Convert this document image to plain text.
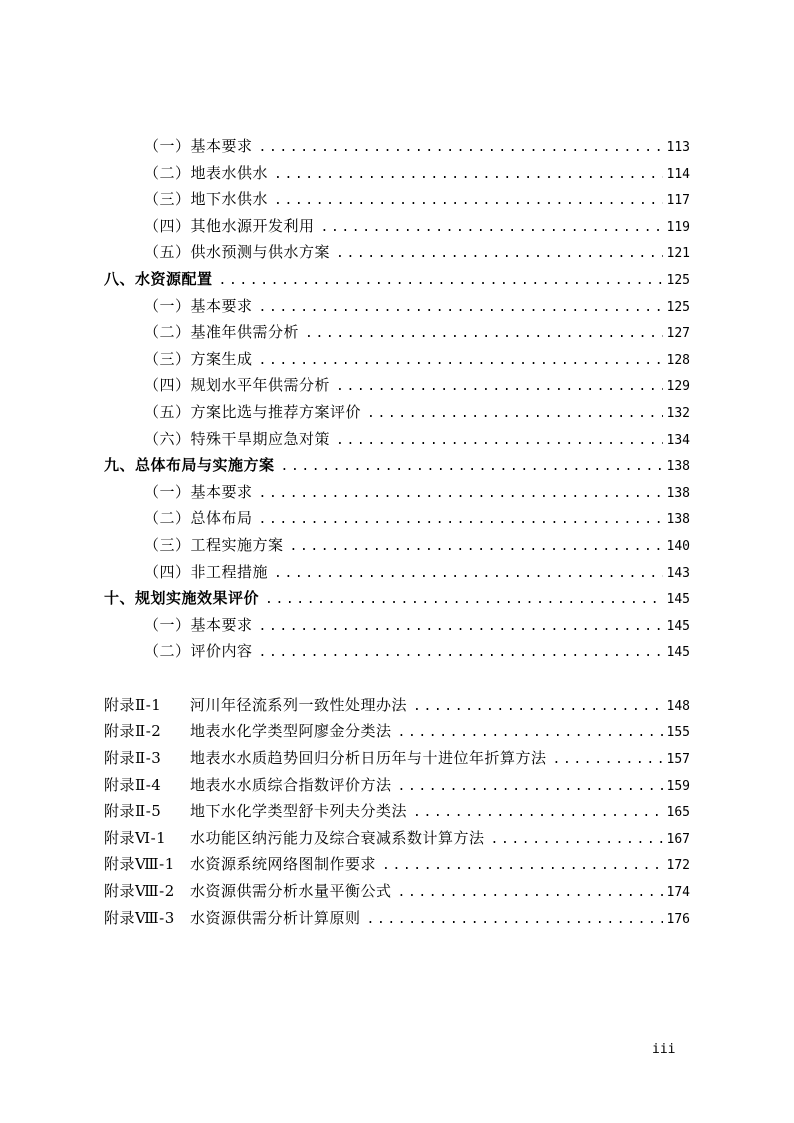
（一）基本要求 .....	113
（二）地表水供水 .....	114
（三）地下水供水 .....	117
（四）其他水源开发利用 .....	119
（五）供水预测与供水方案 .....	121
八、水资源配置 .....	125
（一）基本要求 .....	125
（二）基准年供需分析 .....	127
（三）方案生成 .....	128
（四）规划水平年供需分析 .....	129
（五）方案比选与推荐方案评价 .....	132
（六）特殊干旱期应急对策 .....	134
九、总体布局与实施方案 .....	138
（一）基本要求 .....	138
（二）总体布局 .....	138
（三）工程实施方案 .....	140
（四）非工程措施 .....	143
十、规划实施效果评价 .....	145
（一）基本要求 .....	145
（二）评价内容 .....	145
附录Ⅱ-1 河川年径流系列一致性处理办法 .....	148
附录Ⅱ-2 地表水化学类型阿廖金分类法 .....	155
附录Ⅱ-3 地表水水质趋势回归分析日历年与十进位年折算方法 .....	157
附录Ⅱ-4 地表水水质综合指数评价方法 .....	159
附录Ⅱ-5 地下水化学类型舒卡列夫分类法 .....	165
附录Ⅵ-1 水功能区纳污能力及综合衰减系数计算方法 .....	167
附录Ⅷ-1 水资源系统网络图制作要求 .....	172
附录Ⅷ-2 水资源供需分析水量平衡公式 .....	174
附录Ⅷ-3 水资源供需分析计算原则 .....	176
iii
